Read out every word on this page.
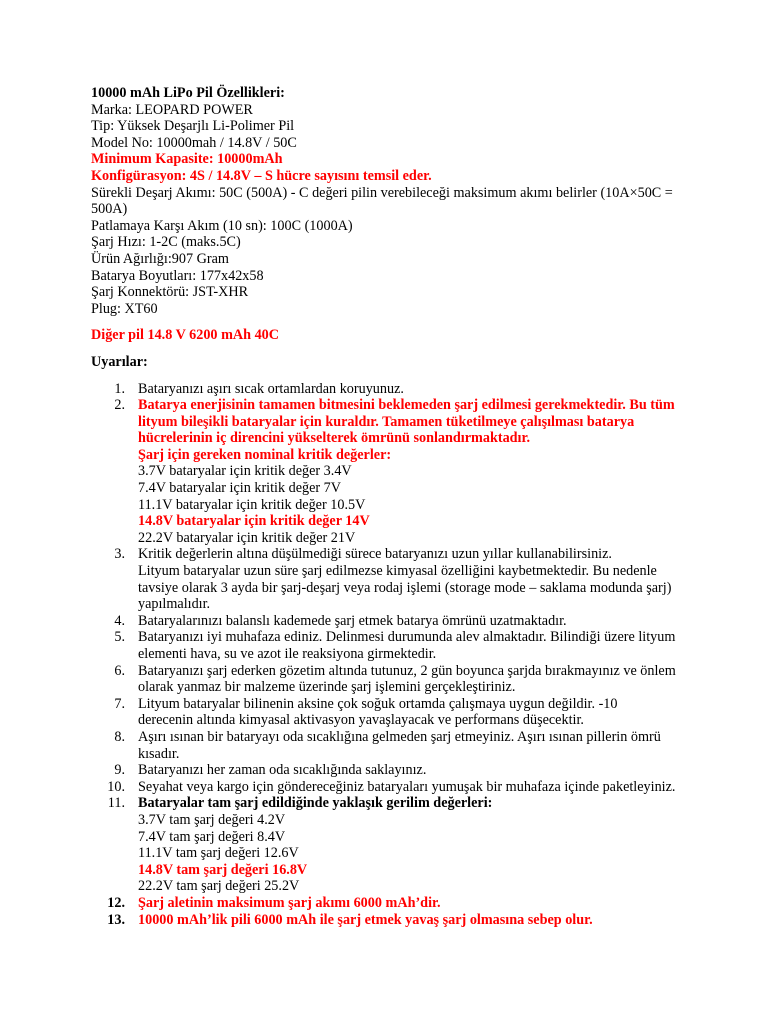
10000 mAh LiPo Pil Özellikleri:
Marka: LEOPARD POWER
Tip: Yüksek Deşarjlı Li-Polimer Pil
Model No: 10000mah / 14.8V / 50C
Minimum Kapasite: 10000mAh
Konfigürasyon: 4S / 14.8V – S hücre sayısını temsil eder.
Sürekli Deşarj Akımı: 50C (500A) - C değeri pilin verebileceği maksimum akımı belirler (10A×50C =
500A)
Patlamaya Karşı Akım (10 sn): 100C (1000A)
Şarj Hızı: 1-2C (maks.5C)
Ürün Ağırlığı:907 Gram
Batarya Boyutları: 177x42x58
Şarj Konnektörü: JST-XHR
Plug: XT60
Diğer pil 14.8 V 6200 mAh 40C
Uyarılar:
1. Bataryanızı aşırı sıcak ortamlardan koruyunuz.
2. Batarya enerjisinin tamamen bitmesini beklemeden şarj edilmesi gerekmektedir. Bu tüm
lityum bileşikli bataryalar için kuraldır. Tamamen tüketilmeye çalışılması batarya
hücrelerinin iç direncini yükselterek ömrünü sonlandırmaktadır.
Şarj için gereken nominal kritik değerler:
3.7V bataryalar için kritik değer 3.4V
7.4V bataryalar için kritik değer 7V
11.1V bataryalar için kritik değer 10.5V
14.8V bataryalar için kritik değer 14V
22.2V bataryalar için kritik değer 21V
3. Kritik değerlerin altına düşülmediği sürece bataryanızı uzun yıllar kullanabilirsiniz.
Lityum bataryalar uzun süre şarj edilmezse kimyasal özelliğini kaybetmektedir. Bu nedenle
tavsiye olarak 3 ayda bir şarj-deşarj veya rodaj işlemi (storage mode – saklama modunda şarj)
yapılmalıdır.
4. Bataryalarınızı balanslı kademede şarj etmek batarya ömrünü uzatmaktadır.
5. Bataryanızı iyi muhafaza ediniz. Delinmesi durumunda alev almaktadır. Bilindiği üzere lityum
elementi hava, su ve azot ile reaksiyona girmektedir.
6. Bataryanızı şarj ederken gözetim altında tutunuz, 2 gün boyunca şarjda bırakmayınız ve önlem
olarak yanmaz bir malzeme üzerinde şarj işlemini gerçekleştiriniz.
7. Lityum bataryalar bilinenin aksine çok soğuk ortamda çalışmaya uygun değildir. -10
derecenin altında kimyasal aktivasyon yavaşlayacak ve performans düşecektir.
8. Aşırı ısınan bir bataryayı oda sıcaklığına gelmeden şarj etmeyiniz. Aşırı ısınan pillerin ömrü
kısadır.
9. Bataryanızı her zaman oda sıcaklığında saklayınız.
10. Seyahat veya kargo için göndereceğiniz bataryaları yumuşak bir muhafaza içinde paketleyiniz.
11. Bataryalar tam şarj edildiğinde yaklaşık gerilim değerleri:
3.7V tam şarj değeri 4.2V
7.4V tam şarj değeri 8.4V
11.1V tam şarj değeri 12.6V
14.8V tam şarj değeri 16.8V
22.2V tam şarj değeri 25.2V
12. Şarj aletinin maksimum şarj akımı 6000 mAh’dir.
13. 10000 mAh’lik pili 6000 mAh ile şarj etmek yavaş şarj olmasına sebep olur.
